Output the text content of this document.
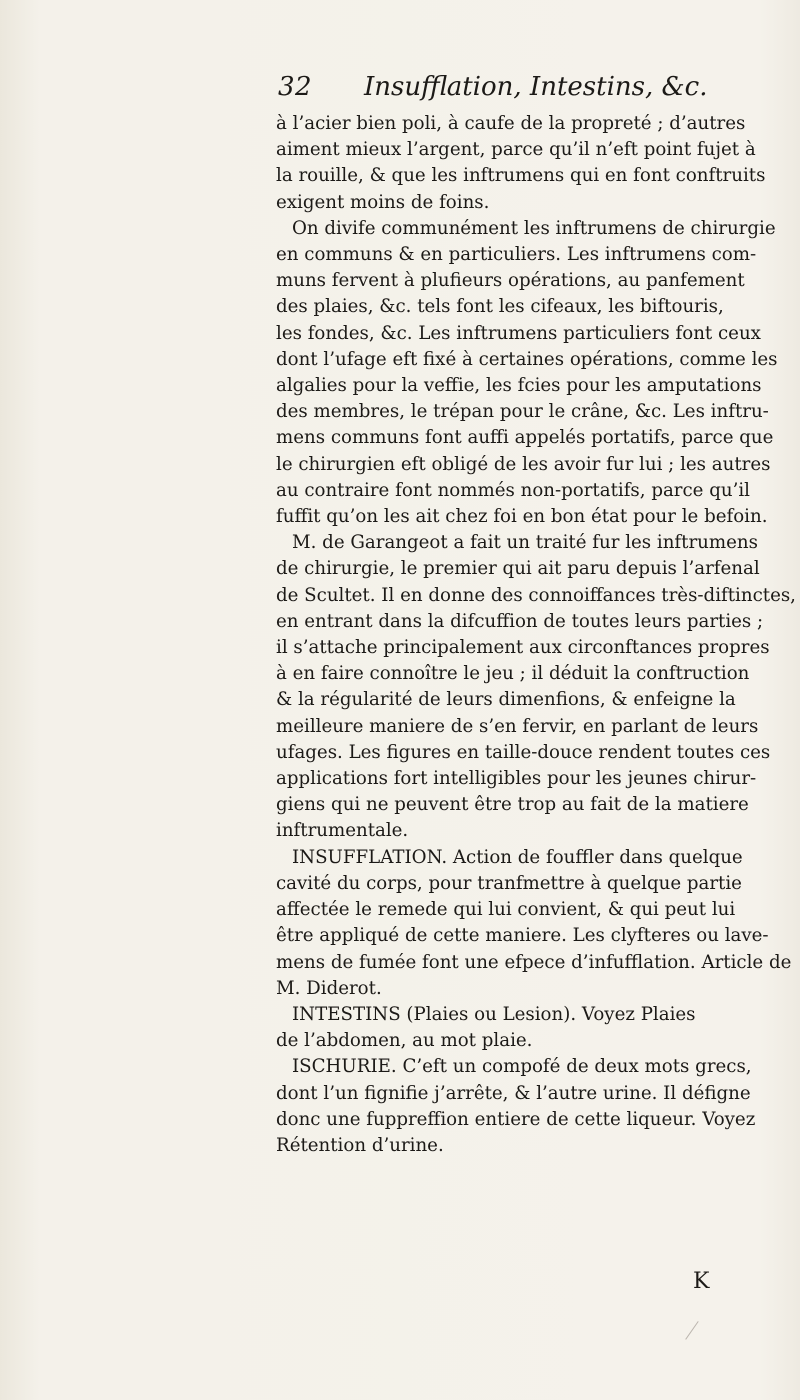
32 Insufflation, Intestins, &c.

à l’acier bien poli, à caufe de la propreté ; d’autres
aiment mieux l’argent, parce qu’il n’eft point fujet à
la rouille, & que les inftrumens qui en font conftruits
exigent moins de foins.

On divife communément les inftrumens de chirurgie
en communs & en particuliers. Les inftrumens com-
muns fervent à plufieurs opérations, au panfement
des plaies, &c. tels font les cifeaux, les biftouris,
les fondes, &c. Les inftrumens particuliers font ceux
dont l’ufage eft fixé à certaines opérations, comme les
algalies pour la veffie, les fcies pour les amputations
des membres, le trépan pour le crâne, &c. Les inftru-
mens communs font auffi appelés portatifs, parce que
le chirurgien eft obligé de les avoir fur lui ; les autres
au contraire font nommés non-portatifs, parce qu’il
fuffit qu’on les ait chez foi en bon état pour le befoin.

M. de Garangeot a fait un traité fur les inftrumens
de chirurgie, le premier qui ait paru depuis l’arfenal
de Scultet. Il en donne des connoiffances très-diftinctes,
en entrant dans la difcuffion de toutes leurs parties ;
il s’attache principalement aux circonftances propres
à en faire connoître le jeu ; il déduit la conftruction
& la régularité de leurs dimenfions, & enfeigne la
meilleure maniere de s’en fervir, en parlant de leurs
ufages. Les figures en taille-douce rendent toutes ces
applications fort intelligibles pour les jeunes chirur-
giens qui ne peuvent être trop au fait de la matiere
inftrumentale.

INSUFFLATION. Action de fouffler dans quelque
cavité du corps, pour tranfmettre à quelque partie
affectée le remede qui lui convient, & qui peut lui
être appliqué de cette maniere. Les clyfteres ou lave-
mens de fumée font une efpece d’infufflation. Article de
M. Diderot.

INTESTINS (Plaies ou Lesion). Voyez Plaies
de l’abdomen, au mot plaie.

ISCHURIE. C’eft un compofé de deux mots grecs,
dont l’un fignifie j’arrête, & l’autre urine. Il défigne
donc une fuppreffion entiere de cette liqueur. Voyez
Rétention d’urine.

K
